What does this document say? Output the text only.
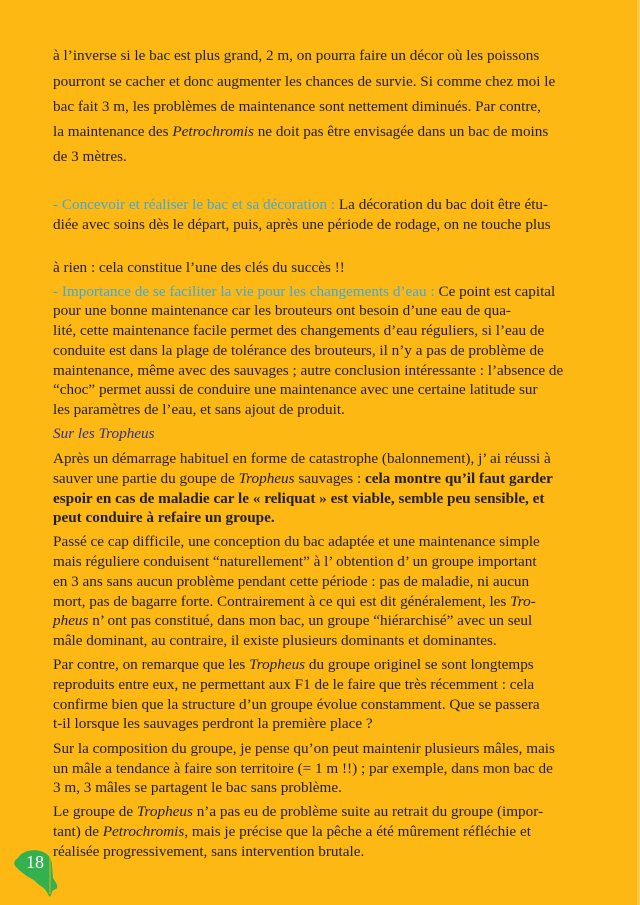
à l’inverse si le bac est plus grand, 2 m, on pourra faire un décor où les poissons
pourront se cacher et donc augmenter les chances de survie. Si comme chez moi le
bac fait 3 m, les problèmes de maintenance sont nettement diminués. Par contre,
la maintenance des Petrochromis ne doit pas être envisagée dans un bac de moins
de 3 mètres.
- Concevoir et réaliser le bac et sa décoration : La décoration du bac doit être étu-
diée avec soins dès le départ, puis, après une période de rodage, on ne touche plus
à rien : cela constitue l’une des clés du succès !!
- Importance de se faciliter la vie pour les changements d’eau : Ce point est capital
pour une bonne maintenance car les brouteurs ont besoin d’une eau de qua-
lité, cette maintenance facile permet des changements d’eau réguliers, si l’eau de
conduite est dans la plage de tolérance des brouteurs, il n’y a pas de problème de
maintenance, même avec des sauvages ; autre conclusion intéressante : l’absence de
“choc” permet aussi de conduire une maintenance avec une certaine latitude sur
les paramètres de l’eau, et sans ajout de produit.
Sur les Tropheus
Après un démarrage habituel en forme de catastrophe (balonnement), j’ ai réussi à
sauver une partie du goupe de Tropheus sauvages : cela montre qu’il faut garder
espoir en cas de maladie car le « reliquat » est viable, semble peu sensible, et
peut conduire à refaire un groupe.
Passé ce cap difficile, une conception du bac adaptée et une maintenance simple
mais réguliere conduisent “naturellement” à l’ obtention d’ un groupe important
en 3 ans sans aucun problème pendant cette période : pas de maladie, ni aucun
mort, pas de bagarre forte. Contrairement à ce qui est dit généralement, les Tro-
pheus n’ ont pas constitué, dans mon bac, un groupe “hiérarchisé” avec un seul
mâle dominant, au contraire, il existe plusieurs dominants et dominantes.
Par contre, on remarque que les Tropheus du groupe originel se sont longtemps
reproduits entre eux, ne permettant aux F1 de le faire que très récemment : cela
confirme bien que la structure d’un groupe évolue constamment. Que se passera
t-il lorsque les sauvages perdront la première place ?
Sur la composition du groupe, je pense qu’on peut maintenir plusieurs mâles, mais
un mâle a tendance à faire son territoire (= 1 m !!) ; par exemple, dans mon bac de
3 m, 3 mâles se partagent le bac sans problème.
Le groupe de Tropheus n’a pas eu de problème suite au retrait du groupe (impor-
tant) de Petrochromis, mais je précise que la pêche a été mûrement réfléchie et
réalisée progressivement, sans intervention brutale.
18
